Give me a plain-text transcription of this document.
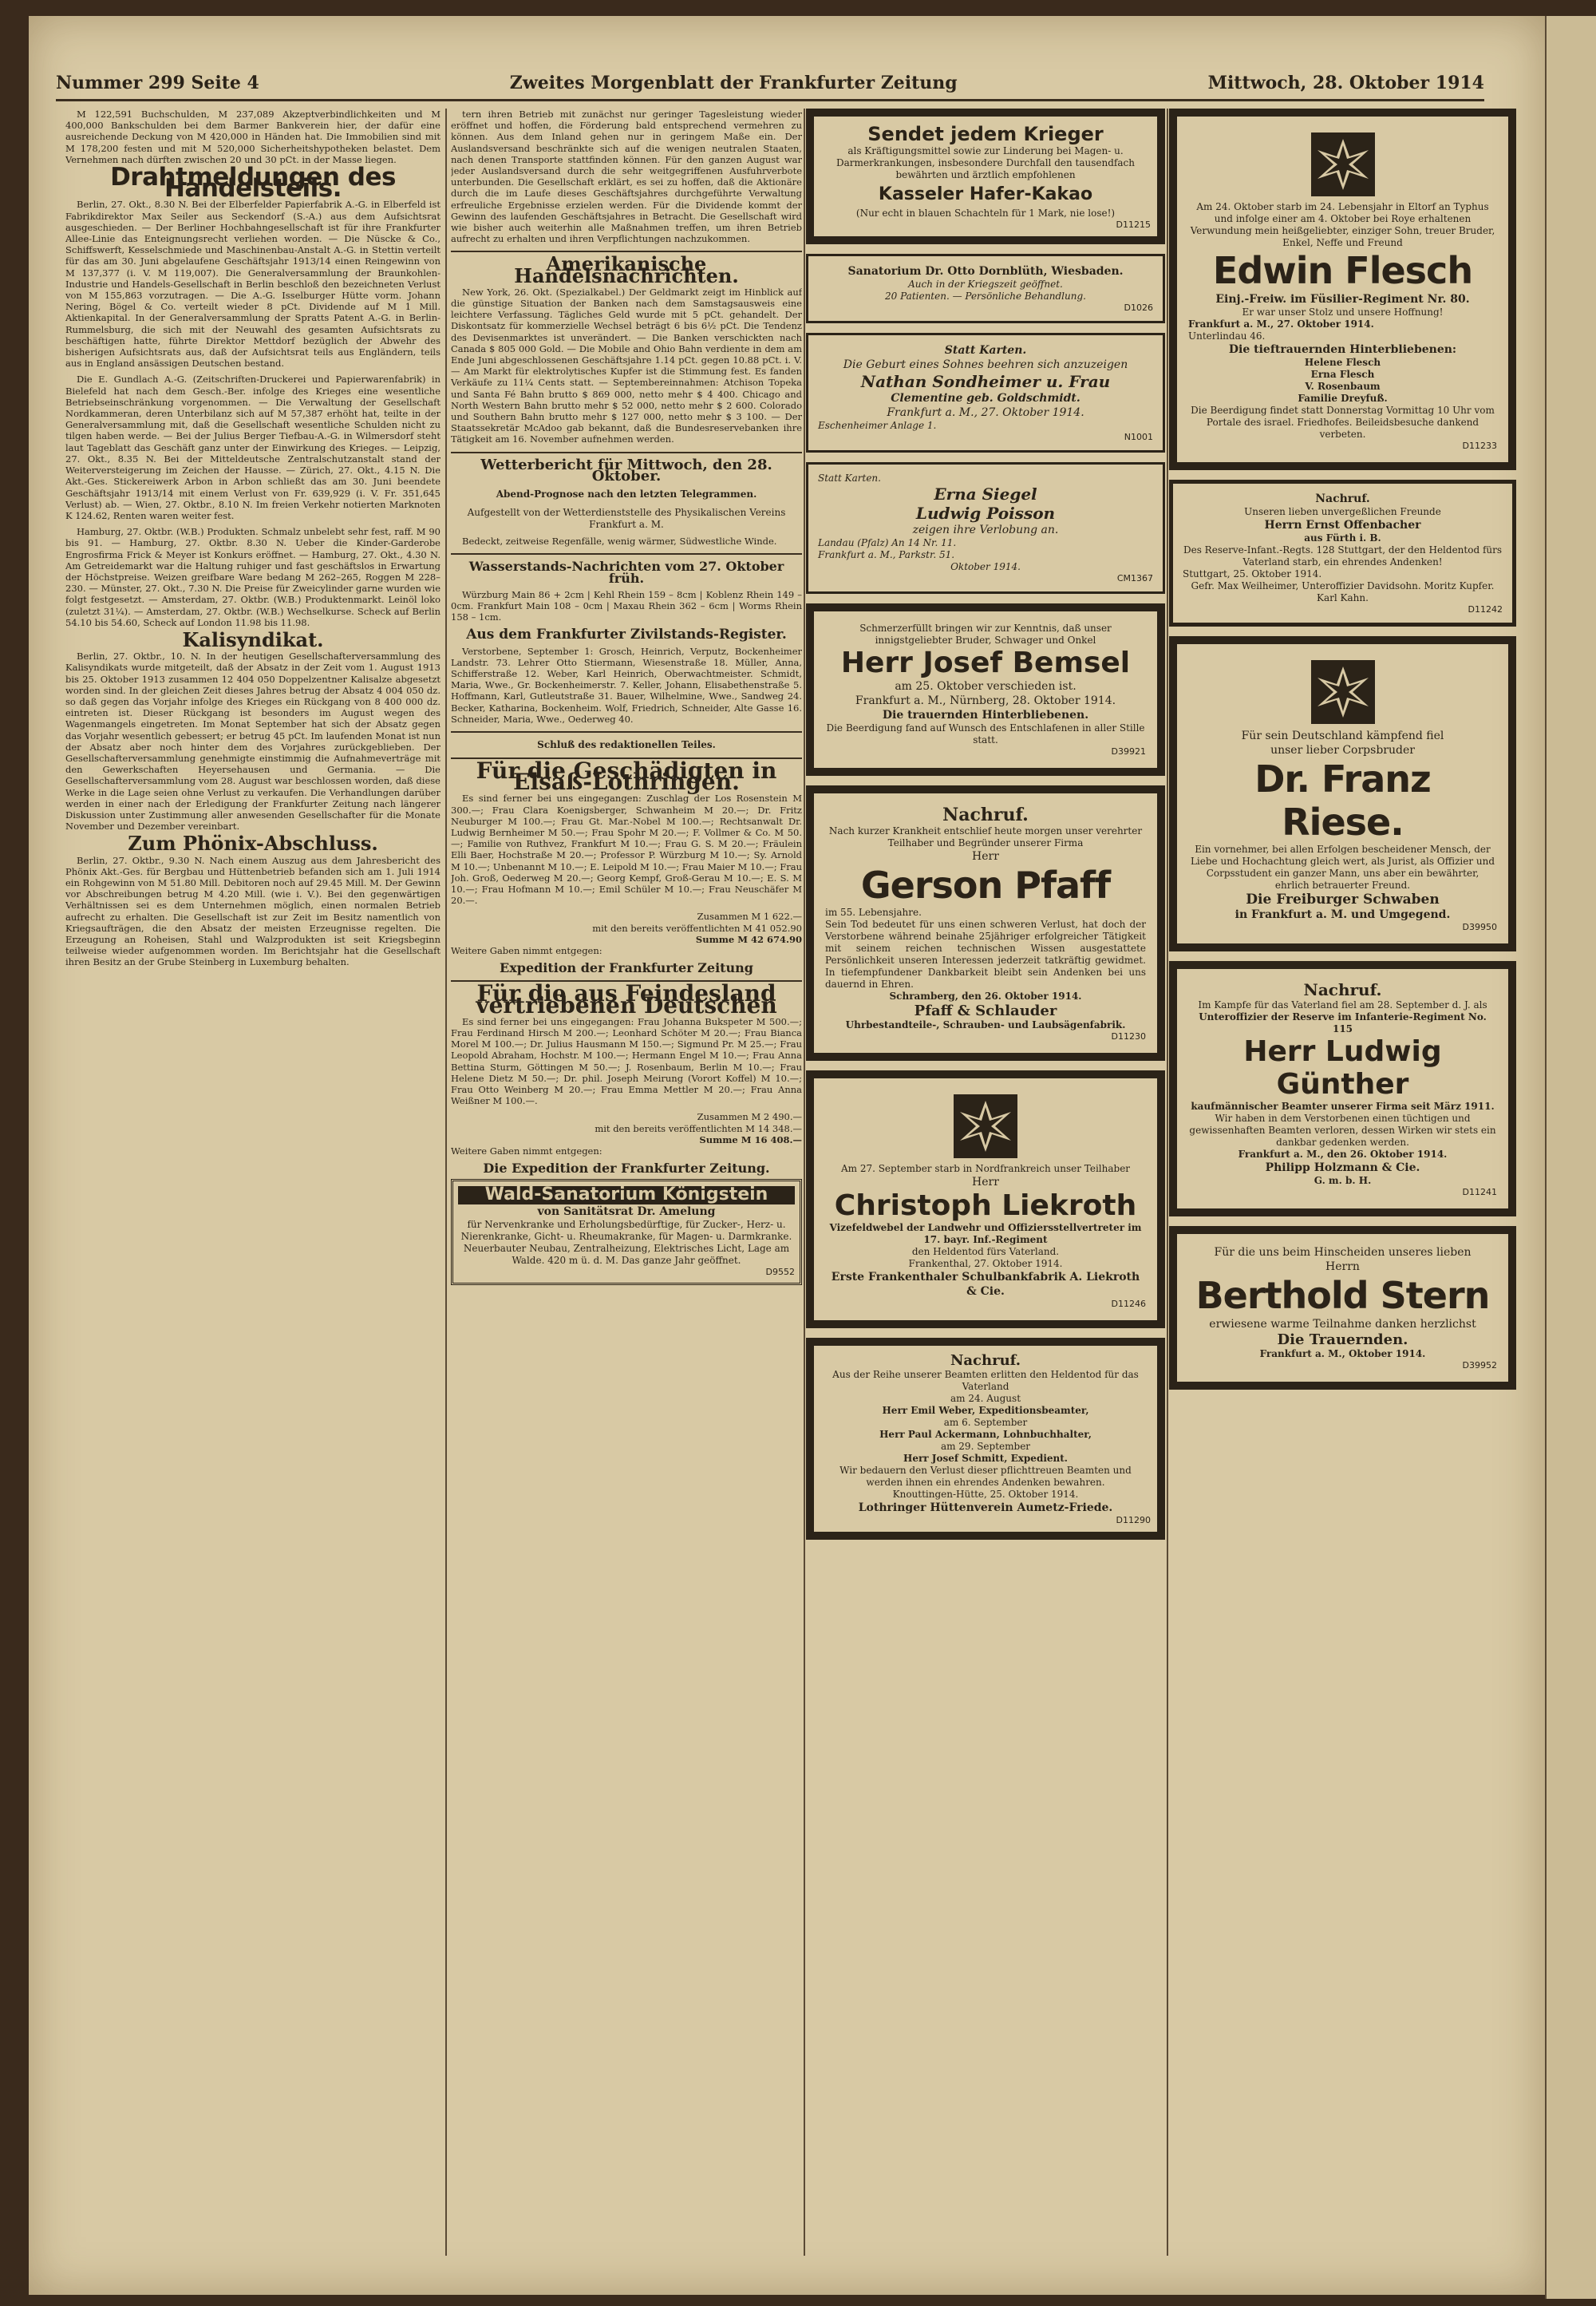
Nummer 299 Seite 4	Zweites Morgenblatt der Frankfurter Zeitung	Mittwoch, 28. Oktober 1914

M 122,591 Buchschulden, M 237,089 Akzeptverbindlichkeiten und M 400,000 Bankschulden bei dem Barmer Bankverein hier, der dafür eine ausreichende Deckung von M 420,000 in Händen hat. Die Immobilien sind mit M 178,200 festen und mit M 520,000 Sicherheitshypotheken belastet. Dem Vernehmen nach dürften zwischen 20 und 30 pCt. in der Masse liegen.

Drahtmeldungen des Handelsteils.

Berlin, 27. Okt., 8.30 N. Bei der Elberfelder Papierfabrik A.-G. in Elberfeld ist Fabrikdirektor Max Seiler aus Seckendorf (S.-A.) aus dem Aufsichtsrat ausgeschieden. — Der Berliner Hochbahngesellschaft ist für ihre Frankfurter Allee-Linie das Enteignungsrecht verliehen worden. — Die Nüscke & Co., Schiffswerft, Kesselschmiede und Maschinenbau-Anstalt A.-G. in Stettin verteilt für das am 30. Juni abgelaufene Geschäftsjahr 1913/14 einen Reingewinn von M 137,377 (i. V. M 119,007). Die Generalversammlung der Braunkohlen-Industrie und Handels-Gesellschaft in Berlin beschloß den bezeichneten Verlust von M 155,863 vorzutragen. — Die A.-G. Isselburger Hütte vorm. Johann Nering, Bögel & Co. verteilt wieder 8 pCt. Dividende auf M 1 Mill. Aktienkapital. In der Generalversammlung der Spratts Patent A.-G. in Berlin-Rummelsburg, die sich mit der Neuwahl des gesamten Aufsichtsrats zu beschäftigen hatte, führte Direktor Mettdorf bezüglich der Abwehr des bisherigen Aufsichtsrats aus, daß der Aufsichtsrat teils aus Engländern, teils aus in England ansässigen Deutschen bestand.

Die E. Gundlach A.-G. (Zeitschriften-Druckerei und Papierwarenfabrik) in Bielefeld hat nach dem Gesch.-Ber. infolge des Krieges eine wesentliche Betriebseinschränkung vorgenommen. — Die Verwaltung der Gesellschaft Nordkammeran, deren Unterbilanz sich auf M 57,387 erhöht hat, teilte in der Generalversammlung mit, daß die Gesellschaft wesentliche Schulden nicht zu tilgen haben werde. — Bei der Julius Berger Tiefbau-A.-G. in Wilmersdorf steht laut Tageblatt das Geschäft ganz unter der Einwirkung des Krieges. — Leipzig, 27. Okt., 8.35 N. Bei der Mitteldeutsche Zentralschutzanstalt stand der Weiterversteigerung im Zeichen der Hausse. — Zürich, 27. Okt., 4.15 N. Die Akt.-Ges. Stickereiwerk Arbon in Arbon schließt das am 30. Juni beendete Geschäftsjahr 1913/14 mit einem Verlust von Fr. 639,929 (i. V. Fr. 351,645 Verlust) ab. — Wien, 27. Oktbr., 8.10 N. Im freien Verkehr notierten Marknoten K 124.62, Renten waren weiter fest.

Hamburg, 27. Oktbr. (W.B.) Produkten. Schmalz unbelebt sehr fest, raff. M 90 bis 91. — Hamburg, 27. Oktbr. 8.30 N. Ueber die Kinder-Garderobe Engrosfirma Frick & Meyer ist Konkurs eröffnet. — Hamburg, 27. Okt., 4.30 N. Am Getreidemarkt war die Haltung ruhiger und fast geschäftslos in Erwartung der Höchstpreise. Weizen greifbare Ware bedang M 262–265, Roggen M 228–230. — Münster, 27. Okt., 7.30 N. Die Preise für Zweicylinder garne wurden wie folgt festgesetzt. — Amsterdam, 27. Oktbr. (W.B.) Produktenmarkt. Leinöl loko (zuletzt 31¼). — Amsterdam, 27. Oktbr. (W.B.) Wechselkurse. Scheck auf Berlin 54.10 bis 54.60, Scheck auf London 11.98 bis 11.98.

Kalisyndikat.

Berlin, 27. Oktbr., 10. N. In der heutigen Gesellschafterversammlung des Kalisyndikats wurde mitgeteilt, daß der Absatz in der Zeit vom 1. August 1913 bis 25. Oktober 1913 zusammen 12 404 050 Doppelzentner Kalisalze abgesetzt worden sind. In der gleichen Zeit dieses Jahres betrug der Absatz 4 004 050 dz. so daß gegen das Vorjahr infolge des Krieges ein Rückgang von 8 400 000 dz. eintreten ist. Dieser Rückgang ist besonders im August wegen des Wagenmangels eingetreten. Im Monat September hat sich der Absatz gegen das Vorjahr wesentlich gebessert; er betrug 45 pCt. Im laufenden Monat ist nun der Absatz aber noch hinter dem des Vorjahres zurückgeblieben. Der Gesellschafterversammlung genehmigte einstimmig die Aufnahmeverträge mit den Gewerkschaften Heyersehausen und Germania. — Die Gesellschafterversammlung vom 28. August war beschlossen worden, daß diese Werke in die Lage seien ohne Verlust zu verkaufen. Die Verhandlungen darüber werden in einer nach der Erledigung der Frankfurter Zeitung nach längerer Diskussion unter Zustimmung aller anwesenden Gesellschafter für die Monate November und Dezember vereinbart.

Zum Phönix-Abschluss.

Berlin, 27. Oktbr., 9.30 N. Nach einem Auszug aus dem Jahresbericht des Phönix Akt.-Ges. für Bergbau und Hüttenbetrieb befanden sich am 1. Juli 1914 ein Rohgewinn von M 51.80 Mill. Debitoren noch auf 29.45 Mill. M. Der Gewinn vor Abschreibungen betrug M 4.20 Mill. (wie i. V.). Bei den gegenwärtigen Verhältnissen sei es dem Unternehmen möglich, einen normalen Betrieb aufrecht zu erhalten. Die Gesellschaft ist zur Zeit im Besitz namentlich von Kriegsaufträgen, die den Absatz der meisten Erzeugnisse regelten. Die Erzeugung an Roheisen, Stahl und Walzprodukten ist seit Kriegsbeginn teilweise wieder aufgenommen worden. Im Berichtsjahr hat die Gesellschaft ihren Besitz an der Grube Steinberg in Luxemburg behalten.

tern ihren Betrieb mit zunächst nur geringer Tagesleistung wieder eröffnet und hoffen, die Förderung bald entsprechend vermehren zu können. Aus dem Inland gehen nur in geringem Maße ein. Der Auslandsversand beschränkte sich auf die wenigen neutralen Staaten, nach denen Transporte stattfinden können. Für den ganzen August war jeder Auslandsversand durch die sehr weitgegriffenen Ausfuhrverbote unterbunden. Die Gesellschaft erklärt, es sei zu hoffen, daß die Aktionäre durch die im Laufe dieses Geschäftsjahres durchgeführte Verwaltung erfreuliche Ergebnisse erzielen werden. Für die Dividende kommt der Gewinn des laufenden Geschäftsjahres in Betracht. Die Gesellschaft wird wie bisher auch weiterhin alle Maßnahmen treffen, um ihren Betrieb aufrecht zu erhalten und ihren Verpflichtungen nachzukommen.

Amerikanische Handelsnachrichten.

New York, 26. Okt. (Spezialkabel.) Der Geldmarkt zeigt im Hinblick auf die günstige Situation der Banken nach dem Samstagsausweis eine leichtere Verfassung. Tägliches Geld wurde mit 5 pCt. gehandelt. Der Diskontsatz für kommerzielle Wechsel beträgt 6 bis 6½ pCt. Die Tendenz des Devisenmarktes ist unverändert. — Die Banken verschickten nach Canada $ 805 000 Gold. — Die Mobile and Ohio Bahn verdiente in dem am Ende Juni abgeschlossenen Geschäftsjahre 1.14 pCt. gegen 10.88 pCt. i. V. — Am Markt für elektrolytisches Kupfer ist die Stimmung fest. Es fanden Verkäufe zu 11¼ Cents statt. — Septembereinnahmen: Atchison Topeka und Santa Fé Bahn brutto $ 869 000, netto mehr $ 4 400. Chicago and North Western Bahn brutto mehr $ 52 000, netto mehr $ 2 600. Colorado und Southern Bahn brutto mehr $ 127 000, netto mehr $ 3 100. — Der Staatssekretär McAdoo gab bekannt, daß die Bundesreservebanken ihre Tätigkeit am 16. November aufnehmen werden.

Wetterbericht für Mittwoch, den 28. Oktober.
Abend-Prognose nach den letzten Telegrammen.
Aufgestellt von der Wetterdienststelle des Physikalischen Vereins Frankfurt a. M.

Bedeckt, zeitweise Regenfälle, wenig wärmer, Südwestliche Winde.

Wasserstands-Nachrichten vom 27. Oktober früh.

Würzburg Main 86 + 2cm | Kehl Rhein 159 – 8cm | Koblenz Rhein 149 – 0cm. Frankfurt Main 108 – 0cm | Maxau Rhein 362 – 6cm | Worms Rhein 158 – 1cm.

Aus dem Frankfurter Zivilstands-Register.

Verstorbene, September 1: Grosch, Heinrich, Verputz, Bockenheimer Landstr. 73. Lehrer Otto Stiermann, Wiesenstraße 18. Müller, Anna, Schifferstraße 12. Weber, Karl Heinrich, Oberwachtmeister. Schmidt, Maria, Wwe., Gr. Bockenheimerstr. 7. Keller, Johann, Elisabethenstraße 5. Hoffmann, Karl, Gutleutstraße 31. Bauer, Wilhelmine, Wwe., Sandweg 24. Becker, Katharina, Bockenheim. Wolf, Friedrich, Schneider, Alte Gasse 16. Schneider, Maria, Wwe., Oederweg 40.

Schluß des redaktionellen Teiles.
Für die Geschädigten in Elsaß-Lothringen.

Es sind ferner bei uns eingegangen: Zuschlag der Los Rosenstein M 300.—; Frau Clara Koenigsberger, Schwanheim M 20.—; Dr. Fritz Neuburger M 100.—; Frau Gt. Mar.-Nobel M 100.—; Rechtsanwalt Dr. Ludwig Bernheimer M 50.—; Frau Spohr M 20.—; F. Vollmer & Co. M 50.—; Familie von Ruthvez, Frankfurt M 10.—; Frau G. S. M 20.—; Fräulein Elli Baer, Hochstraße M 20.—; Professor P. Würzburg M 10.—; Sy. Arnold M 10.—; Unbenannt M 10.—; E. Leipold M 10.—; Frau Maier M 10.—; Frau Joh. Groß, Oederweg M 20.—; Georg Kempf, Groß-Gerau M 10.—; E. S. M 10.—; Frau Hofmann M 10.—; Emil Schüler M 10.—; Frau Neuschäfer M 20.—.

Zusammen M 1 622.—
mit den bereits veröffentlichten M 41 052.90
Summe M 42 674.90
Weitere Gaben nimmt entgegen:
Expedition der Frankfurter Zeitung
Für die aus Feindesland vertriebenen Deutschen

Es sind ferner bei uns eingegangen: Frau Johanna Bukspeter M 500.—; Frau Ferdinand Hirsch M 200.—; Leonhard Schöter M 20.—; Frau Bianca Morel M 100.—; Dr. Julius Hausmann M 150.—; Sigmund Pr. M 25.—; Frau Leopold Abraham, Hochstr. M 100.—; Hermann Engel M 10.—; Frau Anna Bettina Sturm, Göttingen M 50.—; J. Rosenbaum, Berlin M 10.—; Frau Helene Dietz M 50.—; Dr. phil. Joseph Meirung (Vorort Koffel) M 10.—; Frau Otto Weinberg M 20.—; Frau Emma Mettler M 20.—; Frau Anna Weißner M 100.—.

Zusammen M 2 490.—
mit den bereits veröffentlichten M 14 348.—
Summe M 16 408.—
Weitere Gaben nimmt entgegen:
Die Expedition der Frankfurter Zeitung.
Wald-Sanatorium Königstein
von Sanitätsrat Dr. Amelung
für Nervenkranke und Erholungsbedürftige, für Zucker-, Herz- u. Nierenkranke, Gicht- u. Rheumakranke, für Magen- u. Darmkranke. Neuerbauter Neubau, Zentralheizung, Elektrisches Licht, Lage am Walde. 420 m ü. d. M. Das ganze Jahr geöffnet.
D9552
Sendet jedem Krieger
als Kräftigungsmittel sowie zur Linderung bei Magen- u. Darmerkrankungen, insbesondere Durchfall den tausendfach bewährten und ärztlich empfohlenen
Kasseler Hafer-Kakao
(Nur echt in blauen Schachteln für 1 Mark, nie lose!)
D11215
Sanatorium Dr. Otto Dornblüth, Wiesbaden.
Auch in der Kriegszeit geöffnet.
20 Patienten. — Persönliche Behandlung.
D1026
Statt Karten.
Die Geburt eines Sohnes beehren sich anzuzeigen
Nathan Sondheimer u. Frau
Clementine geb. Goldschmidt.
Frankfurt a. M., 27. Oktober 1914.
Eschenheimer Anlage 1.
N1001
Statt Karten.
Erna Siegel
Ludwig Poisson
zeigen ihre Verlobung an.
Landau (Pfalz) An 14 Nr. 11.
Frankfurt a. M., Parkstr. 51.
Oktober 1914.
CM1367
Schmerzerfüllt bringen wir zur Kenntnis, daß unser innigstgeliebter Bruder, Schwager und Onkel
Herr Josef Bemsel
am 25. Oktober verschieden ist.
Frankfurt a. M., Nürnberg, 28. Oktober 1914.
Die trauernden Hinterbliebenen.
Die Beerdigung fand auf Wunsch des Entschlafenen in aller Stille statt.
D39921
Nachruf.
Nach kurzer Krankheit entschlief heute morgen unser verehrter Teilhaber und Begründer unserer Firma
Herr
Gerson Pfaff
im 55. Lebensjahre.
Sein Tod bedeutet für uns einen schweren Verlust, hat doch der Verstorbene während beinahe 25jähriger erfolgreicher Tätigkeit mit seinem reichen technischen Wissen ausgestattete Persönlichkeit unseren Interessen jederzeit tatkräftig gewidmet. In tiefempfundener Dankbarkeit bleibt sein Andenken bei uns dauernd in Ehren.
Schramberg, den 26. Oktober 1914.
Pfaff & Schlauder
Uhrbestandteile-, Schrauben- und Laubsägenfabrik.
D11230
Am 27. September starb in Nordfrankreich unser Teilhaber
Herr
Christoph Liekroth
Vizefeldwebel der Landwehr und Offiziersstellvertreter im 17. bayr. Inf.-Regiment
den Heldentod fürs Vaterland.
Frankenthal, 27. Oktober 1914.
Erste Frankenthaler Schulbankfabrik A. Liekroth & Cie.
D11246
Nachruf.
Aus der Reihe unserer Beamten erlitten den Heldentod für das Vaterland
am 24. August
Herr Emil Weber, Expeditionsbeamter,
am 6. September
Herr Paul Ackermann, Lohnbuchhalter,
am 29. September
Herr Josef Schmitt, Expedient.
Wir bedauern den Verlust dieser pflichttreuen Beamten und werden ihnen ein ehrendes Andenken bewahren.
Knouttingen-Hütte, 25. Oktober 1914.
Lothringer Hüttenverein Aumetz-Friede.
D11290
Am 24. Oktober starb im 24. Lebensjahr in Eltorf an Typhus und infolge einer am 4. Oktober bei Roye erhaltenen Verwundung mein heißgeliebter, einziger Sohn, treuer Bruder, Enkel, Neffe und Freund
Edwin Flesch
Einj.-Freiw. im Füsilier-Regiment Nr. 80.
Er war unser Stolz und unsere Hoffnung!
Frankfurt a. M., 27. Oktober 1914.
Unterlindau 46.
Die tieftrauernden Hinterbliebenen:
Helene Flesch
Erna Flesch
V. Rosenbaum
Familie Dreyfuß.
Die Beerdigung findet statt Donnerstag Vormittag 10 Uhr vom Portale des israel. Friedhofes. Beileidsbesuche dankend verbeten.
D11233
Nachruf.
Unseren lieben unvergeßlichen Freunde
Herrn Ernst Offenbacher
aus Fürth i. B.
Des Reserve-Infant.-Regts. 128 Stuttgart, der den Heldentod fürs Vaterland starb, ein ehrendes Andenken!
Stuttgart, 25. Oktober 1914.
Gefr. Max Weilheimer, Unteroffizier Davidsohn. Moritz Kupfer. Karl Kahn.
D11242
Für sein Deutschland kämpfend fiel
unser lieber Corpsbruder
Dr. Franz Riese.
Ein vornehmer, bei allen Erfolgen bescheidener Mensch, der Liebe und Hochachtung gleich wert, als Jurist, als Offizier und Corpsstudent ein ganzer Mann, uns aber ein bewährter, ehrlich betrauerter Freund.
Die Freiburger Schwaben
in Frankfurt a. M. und Umgegend.
D39950
Nachruf.
Im Kampfe für das Vaterland fiel am 28. September d. J. als
Unteroffizier der Reserve im Infanterie-Regiment No. 115
Herr Ludwig Günther
kaufmännischer Beamter unserer Firma seit März 1911.
Wir haben in dem Verstorbenen einen tüchtigen und gewissenhaften Beamten verloren, dessen Wirken wir stets ein dankbar gedenken werden.
Frankfurt a. M., den 26. Oktober 1914.
Philipp Holzmann & Cie.
G. m. b. H.
D11241
Für die uns beim Hinscheiden unseres lieben
Herrn
Berthold Stern
erwiesene warme Teilnahme danken herzlichst
Die Trauernden.
Frankfurt a. M., Oktober 1914.
D39952
